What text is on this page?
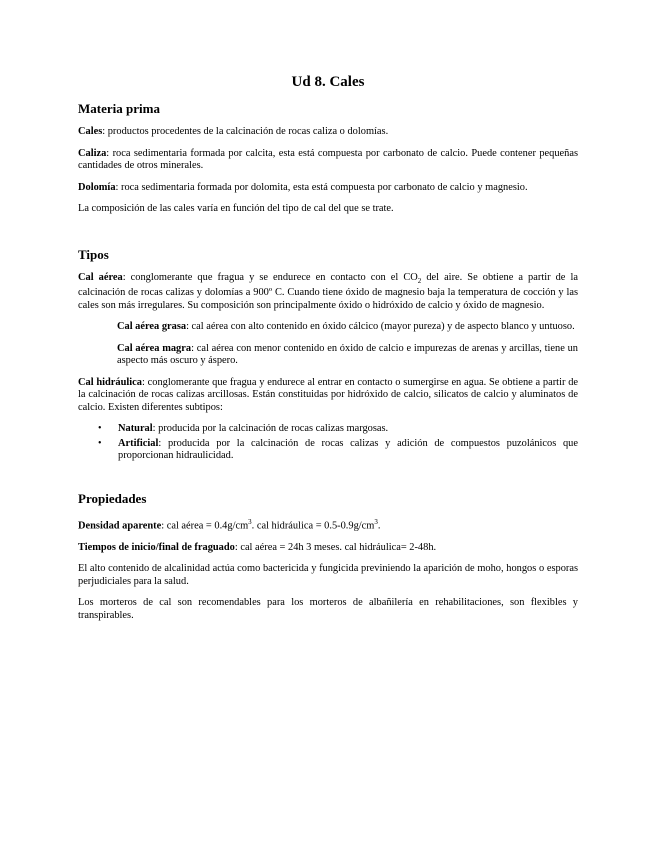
Ud 8. Cales
Materia prima

Cales: productos procedentes de la calcinación de rocas caliza o dolomías.

Caliza: roca sedimentaria formada por calcita, esta está compuesta por carbonato de calcio. Puede contener pequeñas cantidades de otros minerales.

Dolomía: roca sedimentaria formada por dolomita, esta está compuesta por carbonato de calcio y magnesio.

La composición de las cales varía en función del tipo de cal del que se trate.

Tipos

Cal aérea: conglomerante que fragua y se endurece en contacto con el $CO_2$ del aire. Se obtiene a partir de la calcinación de rocas calizas y dolomías a 900º C. Cuando tiene óxido de magnesio baja la temperatura de cocción y las cales son más irregulares. Su composición son principalmente óxido o hidróxido de calcio y óxido de magnesio.

Cal aérea grasa: cal aérea con alto contenido en óxido cálcico (mayor pureza) y de aspecto blanco y untuoso.

Cal aérea magra: cal aérea con menor contenido en óxido de calcio e impurezas de arenas y arcillas, tiene un aspecto más oscuro y áspero.

Cal hidráulica: conglomerante que fragua y endurece al entrar en contacto o sumergirse en agua. Se obtiene a partir de la calcinación de rocas calizas arcillosas. Están constituidas por hidróxido de calcio, silicatos de calcio y aluminatos de calcio. Existen diferentes subtipos:

• Natural: producida por la calcinación de rocas calizas margosas.
• Artificial: producida por la calcinación de rocas calizas y adición de compuestos puzolánicos que proporcionan hidraulicidad.
Propiedades

Densidad aparente: cal aérea = $0.4g/cm^3$. cal hidráulica = $0.5-0.9g/cm^3$.

Tiempos de inicio/final de fraguado: cal aérea = 24h 3 meses. cal hidráulica= 2-48h.

El alto contenido de alcalinidad actúa como bactericida y fungicida previniendo la aparición de moho, hongos o esporas perjudiciales para la salud.

Los morteros de cal son recomendables para los morteros de albañilería en rehabilitaciones, son flexibles y transpirables.
